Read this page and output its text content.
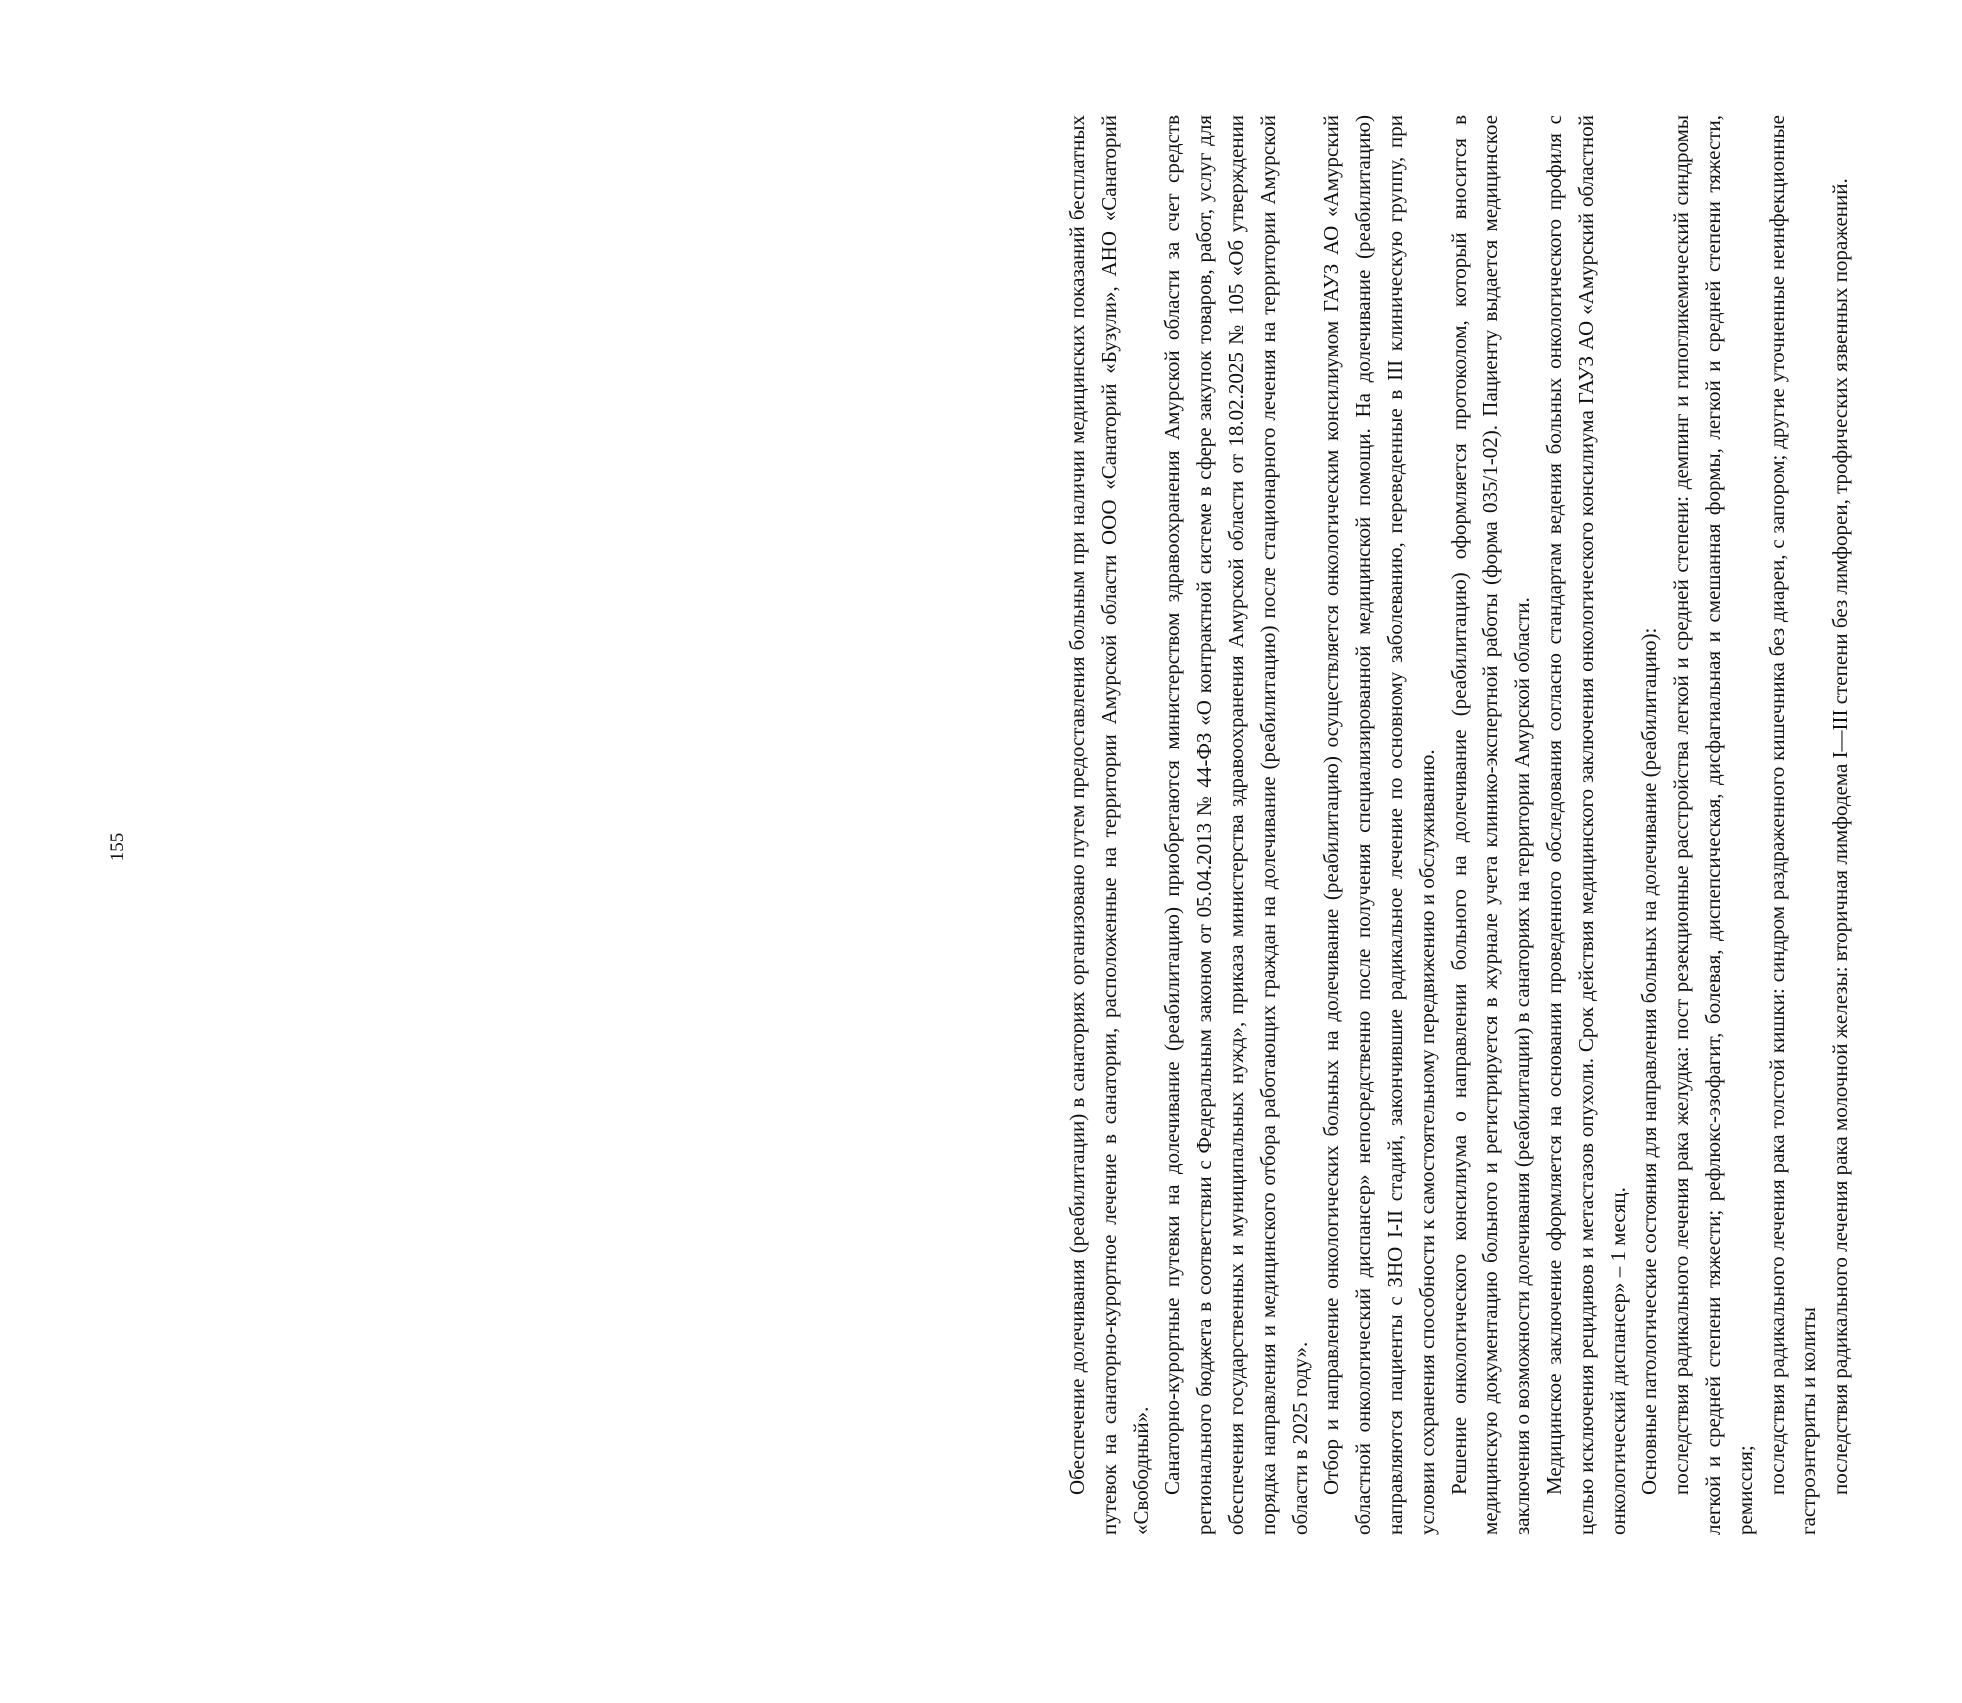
155	Обеспечение долечивания (реабилитации) в санаториях организовано путем предоставления больным при наличии медицинских показаний бесплатных путевок на санаторно-курортное лечение в санатории, расположенные на территории Амурской области ООО «Санаторий «Бузули», АНО «Санаторий «Свободный». Санаторно-курортные путевки на долечивание (реабилитацию) приобретаются министерством здравоохранения Амурской области за счет средств регионального бюджета в соответствии с Федеральным законом от 05.04.2013 № 44-ФЗ «О контрактной системе в сфере закупок товаров, работ, услуг для обеспечения государственных и муниципальных нужд», приказа министерства здравоохранения Амурской области от 18.02.2025 № 105 «Об утверждении порядка направления и медицинского отбора работающих граждан на долечивание (реабилитацию) после стационарного лечения на территории Амурской области в 2025 году». Отбор и направление онкологических больных на долечивание (реабилитацию) осуществляется онкологическим консилиумом ГАУЗ АО «Амурский областной онкологический диспансер» непосредственно после получения специализированной медицинской помощи. На долечивание (реабилитацию) направляются пациенты с ЗНО I-II стадий, закончившие радикальное лечение по основному заболеванию, переведенные в III клиническую группу, при условии сохранения способности к самостоятельному передвижению и обслуживанию. Решение онкологического консилиума о направлении больного на долечивание (реабилитацию) оформляется протоколом, который вносится в медицинскую документацию больного и регистрируется в журнале учета клинико-экспертной работы (форма 035/1-02). Пациенту выдается медицинское заключения о возможности долечивания (реабилитации) в санаториях на территории Амурской области. Медицинское заключение оформляется на основании проведенного обследования согласно стандартам ведения больных онкологического профиля с целью исключения рецидивов и метастазов опухоли. Срок действия медицинского заключения онкологического консилиума ГАУЗ АО «Амурский областной онкологический диспансер» – 1 месяц. Основные патологические состояния для направления больных на долечивание (реабилитацию): последствия радикального лечения рака желудка: пост резекционные расстройства легкой и средней степени: демпинг и гипогликемический синдромы легкой и средней степени тяжести; рефлюкс-эзофагит, болевая, диспепсическая, дисфагиальная и смешанная формы, легкой и средней степени тяжести, ремиссия; последствия радикального лечения рака толстой кишки: синдром раздраженного кишечника без диареи, с запором; другие уточненные неинфекционные гастроэнтериты и колиты последствия радикального лечения рака молочной железы: вторичная лимфодема I—III степени без лимфореи, трофических язвенных поражений.
